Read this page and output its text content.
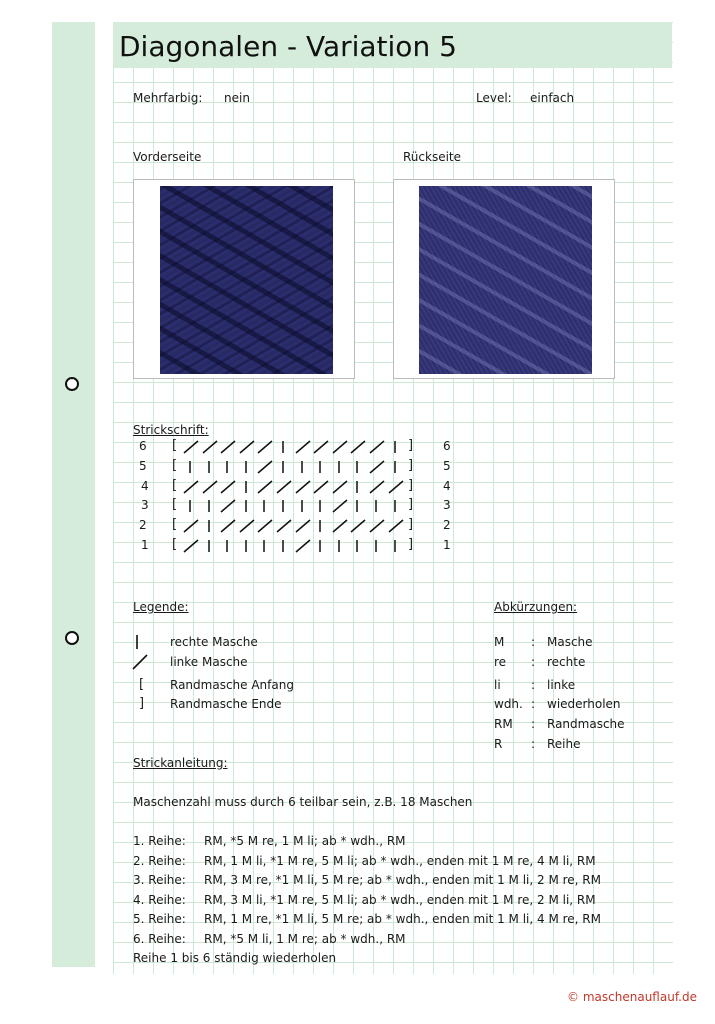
Diagonalen - Variation 5
Mehrfarbig: nein	Level: einfach
Vorderseite	Rückseite
Strickschrift:
6 [	] 6
5 [	] 5
4 [	] 4
3 [	] 3
2 [	] 2
1 [	] 1
Legende:
rechte Masche
linke Masche
[ Randmasche Anfang
] Randmasche Ende
Abkürzungen:
M : Masche
re : rechte
li	: linke
wdh. : wiederholen
RM : Randmasche
R : Reihe
Strickanleitung:
Maschenzahl muss durch 6 teilbar sein, z.B. 18 Maschen
1. Reihe: RM, *5 M re, 1 M li; ab * wdh., RM
2. Reihe: RM, 1 M li, *1 M re, 5 M li; ab * wdh., enden mit 1 M re, 4 M li, RM
3. Reihe: RM, 3 M re, *1 M li, 5 M re; ab * wdh., enden mit 1 M li, 2 M re, RM
4. Reihe: RM, 3 M li, *1 M re, 5 M li; ab * wdh., enden mit 1 M re, 2 M li, RM
5. Reihe: RM, 1 M re, *1 M li, 5 M re; ab * wdh., enden mit 1 M li, 4 M re, RM
6. Reihe: RM, *5 M li, 1 M re; ab * wdh., RM
Reihe 1 bis 6 ständig wiederholen
© maschenauflauf.de
